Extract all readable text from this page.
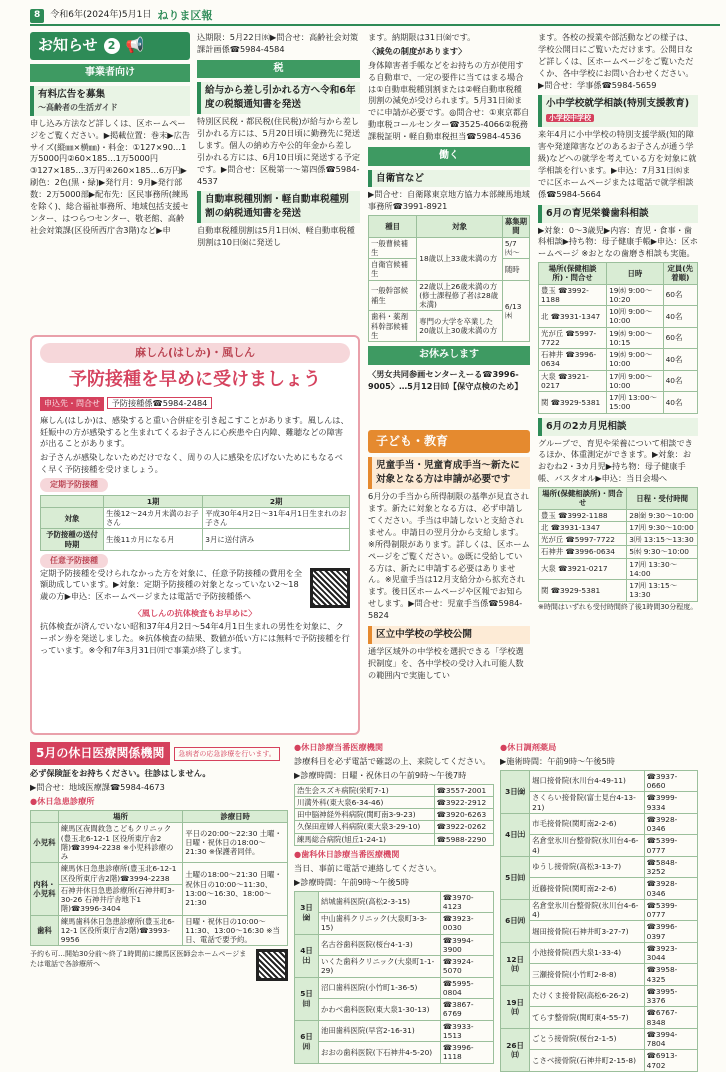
8	令和6年(2024年)5月1日 ねりま区報
お知らせ 2 📢
事業者向け
有料広告を募集
〜高齢者の生活ガイド

申し込み方法など詳しくは、区ホームページをご覧ください。▶掲載位置：巻末▶広告サイズ(縦㎜×横㎜)・料金：①127×90…1万5000円②60×185…1万5000円③127×185…3万円④260×185…6万円▶刷色：2色(黒・緑)▶発行月：9月▶発行部数：2万5000部▶配布先：区民事務所(練馬を除く)、総合福祉事務所、地域包括支援センター、はつらつセンター、敬老館、高齢社会対策課(区役所西庁舎3階)など▶申

込期限：5月22日㈬▶問合せ：高齢社会対策課計画係☎5984-4584

税
給与から差し引かれる方へ令和6年度の税額通知書を発送

特別区民税・都民税(住民税)が給与から差し引かれる方には、5月20日頃に勤務先に発送します。個人の納め方や公的年金から差し引かれる方には、6月10日頃に発送する予定です。▶問合せ：区税第一〜第四係☎5984-4537

自動車税種別割・軽自動車税種別割の納税通知書を発送

自動車税種別割は5月1日㈬、軽自動車税種別割は10日㈮に発送し

ます。納期限は31日㈮です。

〈減免の制度があります〉

身体障害者手帳などをお持ちの方が使用する自動車で、一定の要件に当てはまる場合は①自動車税種別割または②軽自動車税種別割の減免が受けられます。5月31日㈮までに申請が必要です。◎問合せ：①東京都自動車税コールセンター☎3525-4066②税務課税証明・軽自動車税担当☎5984-4536

働く
自衛官など

▶問合せ：自衛隊東京地方協力本部練馬地域事務所☎3991-8921

種目	対象	募集期間
一般曹候補生	18歳以上33歳未満の方	5/7㈫〜
自衛官候補生		随時
一般幹部候補生	22歳以上26歳未満の方(修士課程修了者は28歳未満)	6/13㈭
歯科・薬剤科幹部候補生	専門の大学を卒業した20歳以上30歳未満の方	
お休みします

〈男女共同参画センターえーる☎3996-9005〉…5月12日㈰【保守点検のため】

子ども・教育
児童手当・児童育成手当〜新たに対象となる方は申請が必要です

6月分の手当から所得制限の基準が見直されます。新たに対象となる方は、必ず申請してください。手当は申請しないと支給されません。申請日の翌月分から支給します。※所得制限があります。詳しくは、区ホームページをご覧ください。◎既に受給している方は、新たに申請する必要はありません。※児童手当は12月支給分から拡充されます。後日区ホームページや区報でお知らせします。▶問合せ：児童手当係☎5984-5824

区立中学校の学校公開

通学区域外の中学校を選択できる「学校選択制度」を、各中学校の受け入れ可能人数の範囲内で実施してい

ます。各校の授業や部活動などの様子は、学校公開日にご覧いただけます。公開日など詳しくは、区ホームページをご覧いただくか、各中学校にお問い合わせください。▶問合せ：学事係☎5984-5659

小中学校就学相談(特別支援教育) 小学校中学校

来年4月に小中学校の特別支援学級(知的障害や発達障害などのあるお子さんが通う学級)などへの就学を考えている方を対象に就学相談を行います。▶申込：7月31日㈬までに区ホームページまたは電話で就学相談係☎5984-5664

6月の育児栄養歯科相談

▶対象：0〜3歳児▶内容：育児・食事・歯科相談▶持ち物：母子健康手帳▶申込：区ホームページ ※おとなの歯磨き相談も実施。

場所(保健相談所)・問合せ	日時	定員(先着順)
豊玉 ☎3992-1188	19㈬ 9:00〜10:20	60名
北 ☎3931-1347	10㈪ 9:00〜10:00	40名
光が丘 ☎5997-7722	19㈬ 9:00〜10:15	60名
石神井 ☎3996-0634	19㈬ 9:00〜10:00	40名
大泉 ☎3921-0217	17㈪ 9:00〜10:00	40名
関 ☎3929-5381	17㈪ 13:00〜15:00	40名
6月の2カ月児相談

グループで、育児や栄養について相談できるほか、体重測定ができます。▶対象：おおむね2・3カ月児▶持ち物：母子健康手帳、バスタオル▶申込：当日会場へ

場所(保健相談所)・問合せ	日程・受付時間
豊玉 ☎3992-1188	28㈮ 9:30〜10:00
北 ☎3931-1347	17㈪ 9:30〜10:00
光が丘 ☎5997-7722	3㈪ 13:15〜13:30
石神井 ☎3996-0634	5㈬ 9:30〜10:00
大泉 ☎3921-0217	17㈪ 13:30〜14:00
関 ☎3929-5381	17㈪ 13:15〜13:30

※時間はいずれも受付時間終了後1時間30分程度。

麻しん(はしか)・風しん
予防接種を早めに受けましょう
申込先・問合せ 予防接種係☎5984-2484

麻しん(はしか)は、感染すると重い合併症を引き起こすことがあります。風しんは、妊娠中の方が感染すると生まれてくるお子さんに心疾患や白内障、難聴などの障害が出ることがあります。

お子さんが感染しないためだけでなく、周りの人に感染を広げないためにもなるべく早く予防接種を受けましょう。

定期予防接種
	1期	2期
対象	生後12〜24カ月未満のお子さん	平成30年4月2日〜31年4月1日生まれのお子さん
予防接種の送付時期	生後11カ月になる月	3月に送付済み
任意予防接種

定期予防接種を受けられなかった方を対象に、任意予防接種の費用を全額助成しています。▶対象：定期予防接種の対象となっていない2〜18歳の方▶申込：区ホームページまたは電話で予防接種係へ

〈風しんの抗体検査もお早めに〉

抗体検査が済んでいない昭和37年4月2日〜54年4月1日生まれの男性を対象に、クーポン券を発送しました。※抗体検査の結果、数値が低い方には無料で予防接種を行っています。※令和7年3月31日㈪で事業が終了します。

5月の休日医療関係機関	急病者の応急診療を行います。

必ず保険証をお持ちください。往診はしません。

▶問合せ：地域医療課☎5984-4673

●休日急患診療所

	場所	診療日時
小児科	練馬区夜間救急こどもクリニック(豊玉北6-12-1 区役所東庁舎2階)☎3994-2238 ※小児科診療のみ	平日の20:00〜22:30 土曜・日曜・祝休日の18:00〜21:30 ※保護者同伴。
内科・小児科	練馬休日急患診療所(豊玉北6-12-1 区役所東庁舎2階)☎3994-2238	土曜の18:00〜21:30 日曜・祝休日の10:00〜11:30、13:00〜16:30、18:00〜21:30
	石神井休日急患診療所(石神井町3-30-26 石神井庁舎地下1階)☎3996-3404	
歯科	練馬歯科休日急患診療所(豊玉北6-12-1 区役所東庁舎2階)☎3993-9956	日曜・祝休日の10:00〜11:30、13:00〜16:30 ※当日、電話で要予約。

予約も可…開始30分前〜終了1時間前に練馬区医師会ホームページまたは電話で各診療所へ

●休日診療当番医療機関

診療科目を必ず電話で確認の上、来院してください。

▶診療時間：日曜・祝休日の午前9時〜午後7時

浩生会スズキ病院(栄町7-1)	☎3557-2001
川満外科(東大泉6-34-46)	☎3922-2912
田中脳神経外科病院(関町南3-9-23)	☎3920-6263
久保田産婦人科病院(東大泉3-29-10)	☎3922-0262
練馬総合病院(旭丘1-24-1)	☎5988-2290

●歯科休日診療当番医療機関

当日、事前に電話で連絡してください。

▶診療時間：午前9時〜午後5時

3日㈮	結城歯科医院(高松2-3-15)	☎3970-4123
	中山歯科クリニック(大泉町3-3-15)	☎3923-0030
4日㈯	名古谷歯科医院(桜台4-1-3)	☎3994-3900
	いくた歯科クリニック(大泉町1-1-29)	☎3924-5070
5日㈰	沼口歯科医院(小竹町1-36-5)	☎5995-0804
	かわべ歯科医院(東大泉1-30-13)	☎3867-6769
6日㈪	池田歯科医院(早宮2-16-31)	☎3933-1513
	おおの歯科医院(下石神井4-5-20)	☎3996-1118

●休日調剤薬局

▶施術時間：午前9時〜午後5時

3日㈮	堀口接骨院(氷川台4-49-11)	☎3937-0660
	さくらい接骨院(富士見台4-13-21)	☎3999-9334
4日㈯	市毛接骨院(関町南2-2-6)	☎3928-0346
	名倉堂氷川台整骨院(氷川台4-6-4)	☎5399-0777
5日㈰	ゆうし接骨院(高松3-13-7)	☎5848-3252
	近藤接骨院(関町南2-2-6)	☎3928-0346
6日㈪	名倉堂氷川台整骨院(氷川台4-6-4)	☎5399-0777
	堀田接骨院(石神井町3-27-7)	☎3996-0397
12日㈰	小池接骨院(西大泉1-33-4)	☎3923-3044
	三瀬接骨院(小竹町2-8-8)	☎3958-4325
19日㈰	たけくま接骨院(高松6-26-2)	☎3995-3376
	てらす整骨院(関町東4-55-7)	☎6767-8348
26日㈰	ごとう接骨院(桜台2-1-5)	☎3994-7804
	こさべ接骨院(石神井町2-15-8)	☎6913-4702
